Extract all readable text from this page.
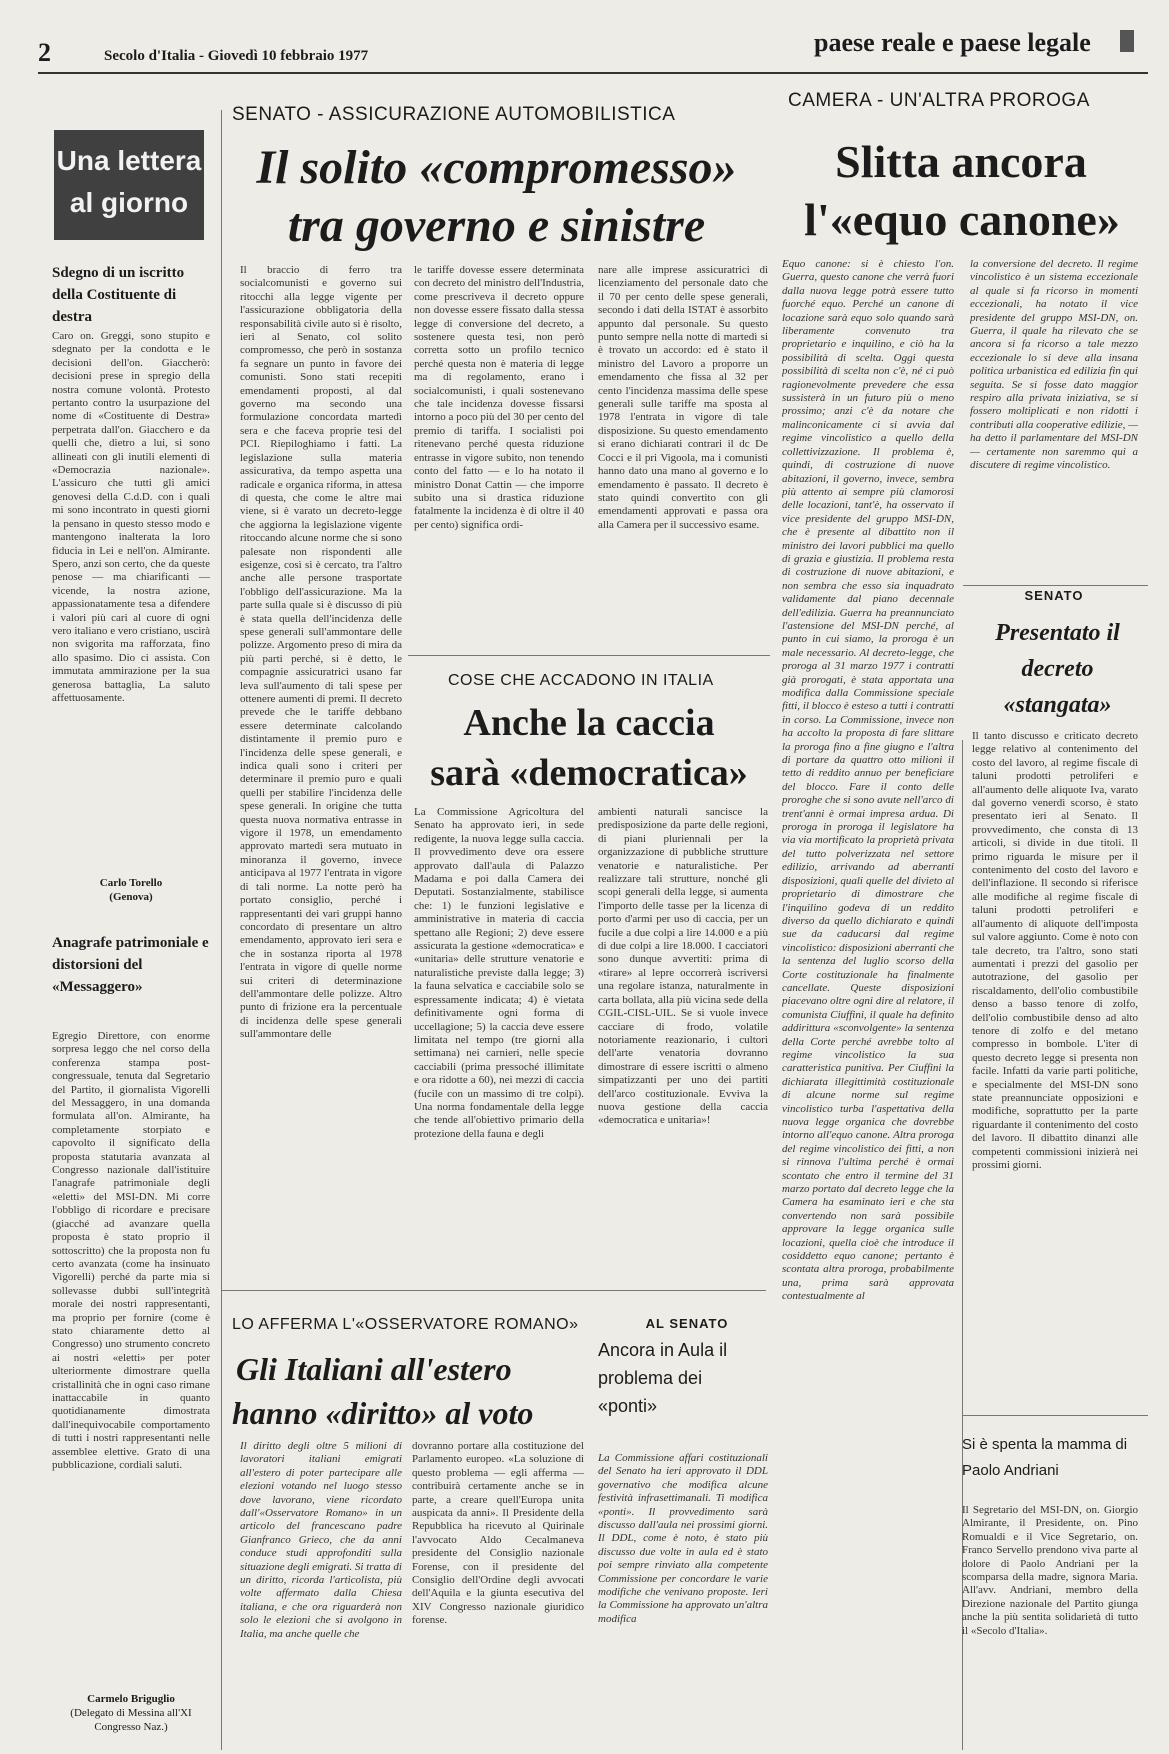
2	Secolo d'Italia - Giovedì 10 febbraio 1977	paese reale e paese legale
Una lettera al giorno
Sdegno di un iscritto della Costituente di destra
Caro on. Greggi, sono stupito e sdegnato per la condotta e le decisioni dell'on. Giaccherò: decisioni prese in spregio della nostra comune volontà. Protesto pertanto contro la usurpazione del nome di «Costituente di Destra» perpetrata dall'on. Giacchero e da quelli che, dietro a lui, si sono allineati con gli inutili elementi di «Democrazia nazionale». L'assicuro che tutti gli amici genovesi della C.d.D. con i quali mi sono incontrato in questi giorni la pensano in questo stesso modo e mantengono inalterata la loro fiducia in Lei e nell'on. Almirante. Spero, anzi son certo, che da queste penose — ma chiarificanti — vicende, la nostra azione, appassionatamente tesa a difendere i valori più cari al cuore di ogni vero italiano e vero cristiano, uscirà non svigorita ma rafforzata, fino allo spasimo. Dio ci assista. Con immutata ammirazione per la sua generosa battaglia, La saluto affettuosamente.
Carlo Torello
(Genova)
Anagrafe patrimoniale e distorsioni del «Messaggero»
Egregio Direttore, con enorme sorpresa leggo che nel corso della conferenza stampa post-congressuale, tenuta dal Segretario del Partito, il giornalista Vigorelli del Messaggero, in una domanda formulata all'on. Almirante, ha completamente storpiato e capovolto il significato della proposta statutaria avanzata al Congresso nazionale dall'istituire l'anagrafe patrimoniale degli «eletti» del MSI-DN. Mi corre l'obbligo di ricordare e precisare (giacché ad avanzare quella proposta è stato proprio il sottoscritto) che la proposta non fu certo avanzata (come ha insinuato Vigorelli) perché da parte mia si sollevasse dubbi sull'integrità morale dei nostri rappresentanti, ma proprio per fornire (come è stato chiaramente detto al Congresso) uno strumento concreto ai nostri «eletti» per poter ulteriormente dimostrare quella cristallinità che in ogni caso rimane inattaccabile in quanto quotidianamente dimostrata dall'inequivocabile comportamento di tutti i nostri rappresentanti nelle assemblee elettive. Grato di una pubblicazione, cordiali saluti.
Carmelo Briguglio
(Delegato di Messina all'XI Congresso Naz.)
SENATO - ASSICURAZIONE AUTOMOBILISTICA
Il solito «compromesso»
tra governo e sinistre
Il braccio di ferro tra socialcomunisti e governo sui ritocchi alla legge vigente per l'assicurazione obbligatoria della responsabilità civile auto si è risolto, ieri al Senato, col solito compromesso, che però in sostanza fa segnare un punto in favore dei comunisti. Sono stati recepiti emendamenti proposti, al dal governo ma secondo una formulazione concordata martedì sera e che faceva proprie tesi del PCI. Riepiloghiamo i fatti. La legislazione sulla materia assicurativa, da tempo aspetta una radicale e organica riforma, in attesa di questa, che come le altre mai viene, si è varato un decreto-legge che aggiorna la legislazione vigente ritoccando alcune norme che si sono palesate non rispondenti alle esigenze, così si è cercato, tra l'altro anche alle persone trasportate l'obbligo dell'assicurazione. Ma la parte sulla quale si è discusso di più è stata quella dell'incidenza delle spese generali sull'ammontare delle polizze. Argomento preso di mira da più parti perché, si è detto, le compagnie assicuratrici usano far leva sull'aumento di tali spese per ottenere aumenti di premi. Il decreto prevede che le tariffe debbano essere determinate calcolando distintamente il premio puro e l'incidenza delle spese generali, e indica quali sono i criteri per determinare il premio puro e quali quelli per stabilire l'incidenza delle spese generali. In origine che tutta questa nuova normativa entrasse in vigore il 1978, un emendamento approvato martedì sera mutuato in minoranza il governo, invece anticipava al 1977 l'entrata in vigore di tali norme. La notte però ha portato consiglio, perché i rappresentanti dei vari gruppi hanno concordato di presentare un altro emendamento, approvato ieri sera e che in sostanza riporta al 1978 l'entrata in vigore di quelle norme sui criteri di determinazione dell'ammontare delle polizze. Altro punto di frizione era la percentuale di incidenza delle spese generali sull'ammontare delle
le tariffe dovesse essere determinata con decreto del ministro dell'Industria, come prescriveva il decreto oppure non dovesse essere fissato dalla stessa legge di conversione del decreto, a sostenere questa tesi, non però corretta sotto un profilo tecnico perché questa non è materia di legge ma di regolamento, erano i socialcomunisti, i quali sostenevano che tale incidenza dovesse fissarsi intorno a poco più del 30 per cento del premio di tariffa. I socialisti poi ritenevano perché questa riduzione entrasse in vigore subito, non tenendo conto del fatto — e lo ha notato il ministro Donat Cattin — che imporre subito una sì drastica riduzione fatalmente la incidenza è di oltre il 40 per cento) significa ordi-
nare alle imprese assicuratrici di licenziamento del personale dato che il 70 per cento delle spese generali, secondo i dati della ISTAT è assorbito appunto dal personale. Su questo punto sempre nella notte di martedì si è trovato un accordo: ed è stato il ministro del Lavoro a proporre un emendamento che fissa al 32 per cento l'incidenza massima delle spese generali sulle tariffe ma sposta al 1978 l'entrata in vigore di tale disposizione. Su questo emendamento si erano dichiarati contrari il dc De Cocci e il pri Vigoola, ma i comunisti hanno dato una mano al governo e lo emendamento è passato. Il decreto è stato quindi convertito con gli emendamenti approvati e passa ora alla Camera per il successivo esame.
CAMERA - UN'ALTRA PROROGA
Slitta ancora
l'«equo canone»
Equo canone: si è chiesto l'on. Guerra, questo canone che verrà fuori dalla nuova legge potrà essere tutto fuorché equo. Perché un canone di locazione sarà equo solo quando sarà liberamente convenuto tra proprietario e inquilino, e ciò ha la possibilità di scelta. Oggi questa possibilità di scelta non c'è, né ci può ragionevolmente prevedere che essa sussisterà in un futuro più o meno prossimo; anzi c'è da notare che malinconicamente ci si avvia dal regime vincolistico a quello della collettivizzazione. Il problema è, quindi, di costruzione di nuove abitazioni, il governo, invece, sembra più attento ai sempre più clamorosi delle locazioni, tant'è, ha osservato il vice presidente del gruppo MSI-DN, che è presente al dibattito non il ministro dei lavori pubblici ma quello di grazia e giustizia. Il problema resta di costruzione di nuove abitazioni, e non sembra che esso sia inquadrato validamente dal piano decennale dell'edilizia. Guerra ha preannunciato l'astensione del MSI-DN perché, al punto in cui siamo, la proroga è un male necessario. Al decreto-legge, che proroga al 31 marzo 1977 i contratti già prorogati, è stata apportata una modifica dalla Commissione speciale fitti, il blocco è esteso a tutti i contratti in corso. La Commissione, invece non ha accolto la proposta di fare slittare la proroga fino a fine giugno e l'altra di portare da quattro otto milioni il tetto di reddito annuo per beneficiare del blocco. Fare il conto delle proroghe che si sono avute nell'arco di trent'anni è ormai impresa ardua. Di proroga in proroga il legislatore ha via via mortificato la proprietà privata del tutto polverizzata nel settore edilizio, arrivando ad aberranti disposizioni, quali quelle del divieto al proprietario di dimostrare che l'inquilino godeva di un reddito diverso da quello dichiarato e quindi sue da caducarsi dal regime vincolistico: disposizioni aberranti che la sentenza del luglio scorso della Corte costituzionale ha finalmente cancellate. Queste disposizioni piacevano oltre ogni dire al relatore, il comunista Ciuffini, il quale ha definito addirittura «sconvolgente» la sentenza della Corte perché avrebbe tolto al regime vincolistico la sua caratteristica punitiva. Per Ciuffini la dichiarata illegittimità costituzionale di alcune norme sul regime vincolistico turba l'aspettativa della nuova legge organica che dovrebbe intorno all'equo canone. Altra proroga del regime vincolistico dei fitti, a non si rinnova l'ultima perché è ormai scontato che entro il termine del 31 marzo portato dal decreto legge che la Camera ha esaminato ieri e che sta convertendo non sarà possibile approvare la legge organica sulle locazioni, quella cioè che introduce il cosiddetto equo canone; pertanto è scontata altra proroga, probabilmente una, prima sarà approvata contestualmente al
la conversione del decreto. Il regime vincolistico è un sistema eccezionale al quale si fa ricorso in momenti eccezionali, ha notato il vice presidente del gruppo MSI-DN, on. Guerra, il quale ha rilevato che se ancora si fa ricorso a tale mezzo eccezionale lo si deve alla insana politica urbanistica ed edilizia fin qui seguita. Se si fosse dato maggior respiro alla privata iniziativa, se si fossero moltiplicati e non ridotti i contributi alla cooperative edilizie, — ha detto il parlamentare del MSI-DN — certamente non saremmo qui a discutere di regime vincolistico.
SENATO
Presentato il decreto «stangata»
Il tanto discusso e criticato decreto legge relativo al contenimento del costo del lavoro, al regime fiscale di taluni prodotti petroliferi e all'aumento delle aliquote Iva, varato dal governo venerdì scorso, è stato presentato ieri al Senato. Il provvedimento, che consta di 13 articoli, si divide in due titoli. Il primo riguarda le misure per il contenimento del costo del lavoro e dell'inflazione. Il secondo si riferisce alle modifiche al regime fiscale di taluni prodotti petroliferi e all'aumento di aliquote dell'imposta sul valore aggiunto. Come è noto con tale decreto, tra l'altro, sono stati aumentati i prezzi del gasolio per autotrazione, del gasolio per riscaldamento, dell'olio combustibile denso a basso tenore di zolfo, dell'olio combustibile denso ad alto tenore di zolfo e del metano compresso in bombole. L'iter di questo decreto legge si presenta non facile. Infatti da varie parti politiche, e specialmente del MSI-DN sono state preannunciate opposizioni e modifiche, soprattutto per la parte riguardante il contenimento del costo del lavoro. Il dibattito dinanzi alle competenti commissioni inizierà nei prossimi giorni.
COSE CHE ACCADONO IN ITALIA
Anche la caccia
sarà «democratica»
La Commissione Agricoltura del Senato ha approvato ieri, in sede redigente, la nuova legge sulla caccia. Il provvedimento deve ora essere approvato dall'aula di Palazzo Madama e poi dalla Camera dei Deputati. Sostanzialmente, stabilisce che: 1) le funzioni legislative e amministrative in materia di caccia spettano alle Regioni; 2) deve essere assicurata la gestione «democratica» e «unitaria» delle strutture venatorie e naturalistiche previste dalla legge; 3) la fauna selvatica e cacciabile solo se espressamente indicata; 4) è vietata definitivamente ogni forma di uccellagione; 5) la caccia deve essere limitata nel tempo (tre giorni alla settimana) nei carnieri, nelle specie cacciabili (prima pressoché illimitate e ora ridotte a 60), nei mezzi di caccia (fucile con un massimo di tre colpi). Una norma fondamentale della legge che tende all'obiettivo primario della protezione della fauna e degli
ambienti naturali sancisce la predisposizione da parte delle regioni, di piani pluriennali per la organizzazione di pubbliche strutture venatorie e naturalistiche. Per realizzare tali strutture, nonché gli scopi generali della legge, si aumenta l'importo delle tasse per la licenza di porto d'armi per uso di caccia, per un fucile a due colpi a lire 14.000 e a più di due colpi a lire 18.000. I cacciatori sono dunque avvertiti: prima di «tirare» al lepre occorrerà iscriversi una regolare istanza, naturalmente in carta bollata, alla più vicina sede della CGIL-CISL-UIL. Se si vuole invece cacciare di frodo, volatile notoriamente reazionario, i cultori dell'arte venatoria dovranno dimostrare di essere iscritti o almeno simpatizzanti per uno dei partiti dell'arco costituzionale. Evviva la nuova gestione della caccia «democratica e unitaria»!
LO AFFERMA L'«OSSERVATORE ROMANO»
Gli Italiani all'estero
hanno «diritto» al voto
Il diritto degli oltre 5 milioni di lavoratori italiani emigrati all'estero di poter partecipare alle elezioni votando nel luogo stesso dove lavorano, viene ricordato dall'«Osservatore Romano» in un articolo del francescano padre Gianfranco Grieco, che da anni conduce studi approfonditi sulla situazione degli emigrati. Si tratta di un diritto, ricorda l'articolista, più volte affermato dalla Chiesa italiana, e che ora riguarderà non solo le elezioni che si avolgono in Italia, ma anche quelle che
dovranno portare alla costituzione del Parlamento europeo. «La soluzione di questo problema — egli afferma — contribuirà certamente anche se in parte, a creare quell'Europa unita auspicata da anni». Il Presidente della Repubblica ha ricevuto al Quirinale l'avvocato Aldo Cecalmaneva presidente del Consiglio nazionale Forense, con il presidente del Consiglio dell'Ordine degli avvocati dell'Aquila e la giunta esecutiva del XIV Congresso nazionale giuridico forense.
AL SENATO
Ancora in Aula il problema dei «ponti»
La Commissione affari costituzionali del Senato ha ieri approvato il DDL governativo che modifica alcune festività infrasettimanali. Ti modifica «ponti». Il provvedimento sarà discusso dall'aula nei prossimi giorni. Il DDL, come è noto, è stato più discusso due volte in aula ed è stato poi sempre rinviato alla competente Commissione per concordare le varie modifiche che venivano proposte. Ieri la Commissione ha approvato un'altra modifica
Si è spenta la mamma di Paolo Andriani
Il Segretario del MSI-DN, on. Giorgio Almirante, il Presidente, on. Pino Romualdi e il Vice Segretario, on. Franco Servello prendono viva parte al dolore di Paolo Andriani per la scomparsa della madre, signora Maria. All'avv. Andriani, membro della Direzione nazionale del Partito giunga anche la più sentita solidarietà di tutto il «Secolo d'Italia».
